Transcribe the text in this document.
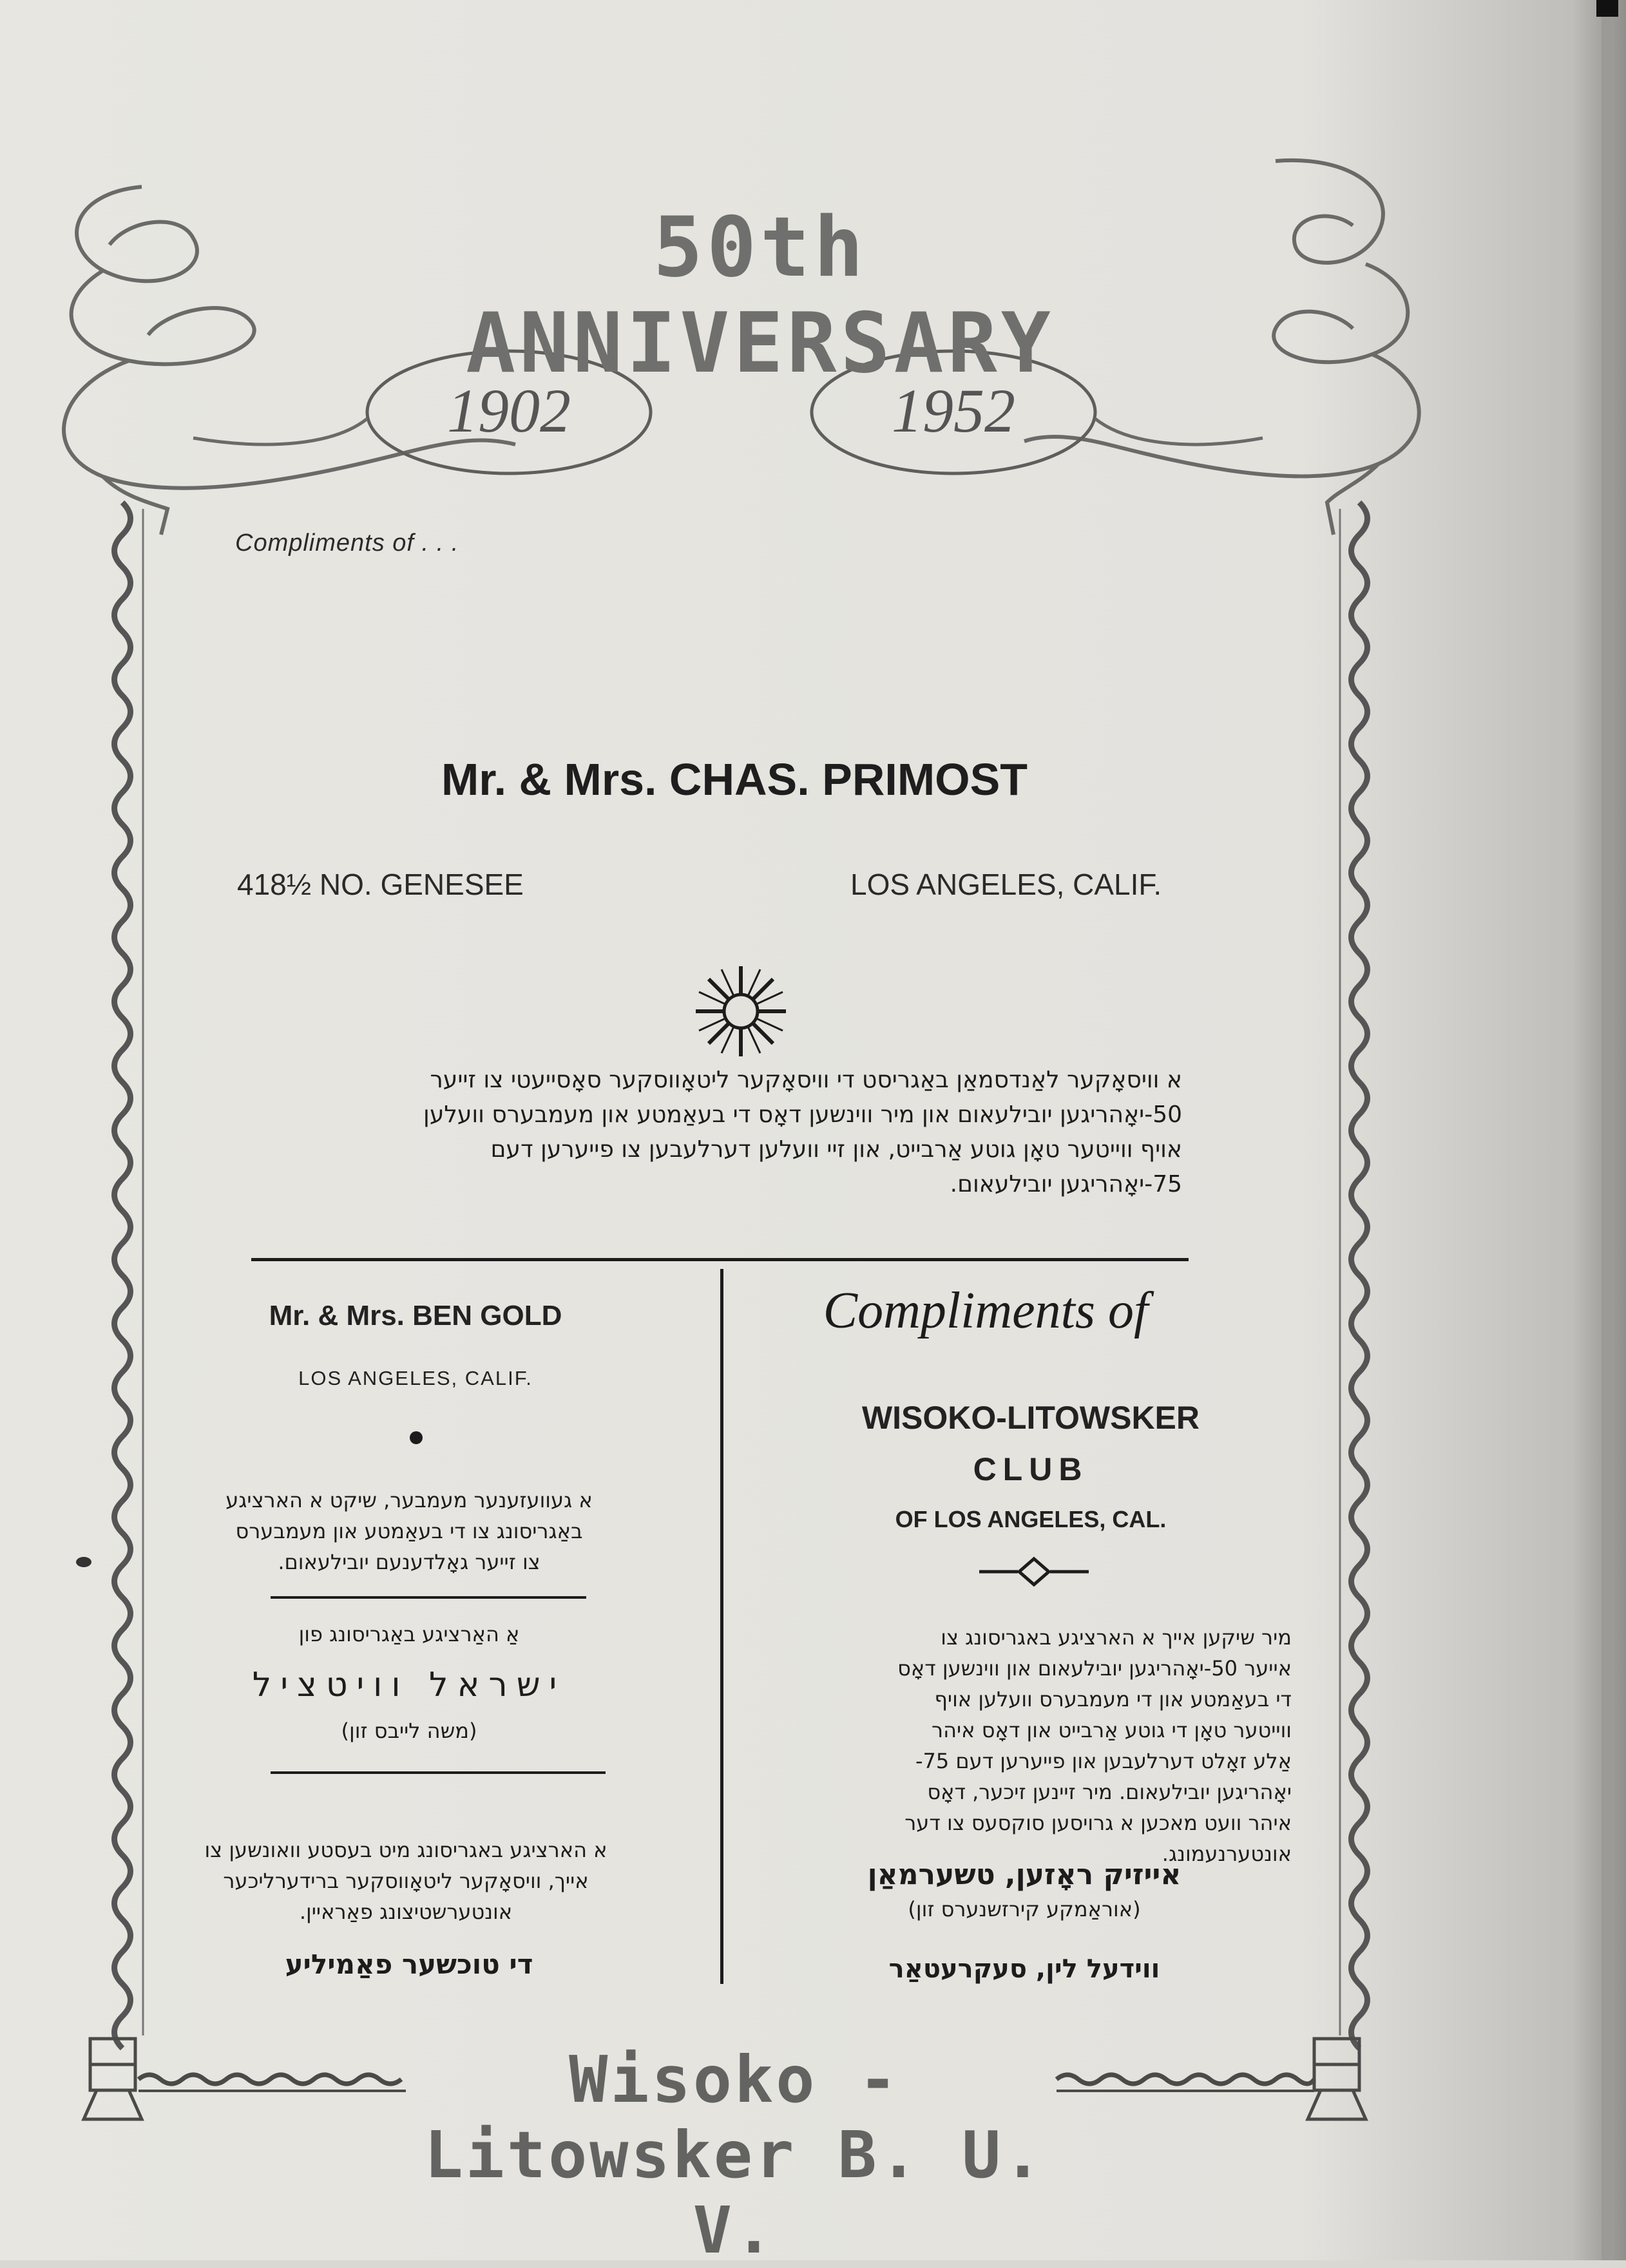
50th ANNIVERSARY
1902	1952
Compliments of . . .
Mr. & Mrs. CHAS. PRIMOST
418½ NO. GENESEE	LOS ANGELES, CALIF.
א וויסאָקער לאַנדסמאַן באַגריסט די וויסאָקער ליטאָווסקער סאָסייעטי צו זייער
50-יאָהריגען יובילעאום און מיר ווינשען דאָס די בעאַמטע און מעמבערס וועלען
אויף ווייטער טאָן גוטע אַרבייט, און זיי וועלען דערלעבען צו פייערען דעם
75-יאָהריגען יובילעאום.
Mr. & Mrs. BEN GOLD
LOS ANGELES, CALIF.
א געוועזענער מעמבער, שיקט א הארציגע
באַגריסונג צו די בעאַמטע און מעמבערס
צו זייער גאָלדענעם יובילעאום.
אַ האַרציגע באַגריסונג פון
ישראל וויטציל
(משה לייבס זון)
א הארציגע באגריסונג מיט בעסטע וואונשען צו
אייך, וויסאָקער ליטאָווסקער ברידערליכער
אונטערשטיצונג פאַראיין.
די טוכשער פאַמיליע
Compliments of
WISOKO-LITOWSKER
CLUB
OF LOS ANGELES, CAL.
מיר שיקען אייך א הארציגע באגריסונג צו
אייער 50-יאָהריגען יובילעאום און ווינשען דאָס
די בעאַמטע און די מעמבערס וועלען אויף
ווייטער טאָן די גוטע אַרבייט און דאָס איהר
אַלע זאָלט דערלעבען און פייערען דעם 75-
יאָהריגען יובילעאום. מיר זיינען זיכער, דאָס
איהר וועט מאכען א גרויסען סוקסעס צו דער
אונטערנעמונג.
אייזיק ראָזען, טשערמאַן
(אוראַמקע קירזשנערס זון)
ווידעל לין, סעקרעטאַר
Wisoko - Litowsker B. U. V.
